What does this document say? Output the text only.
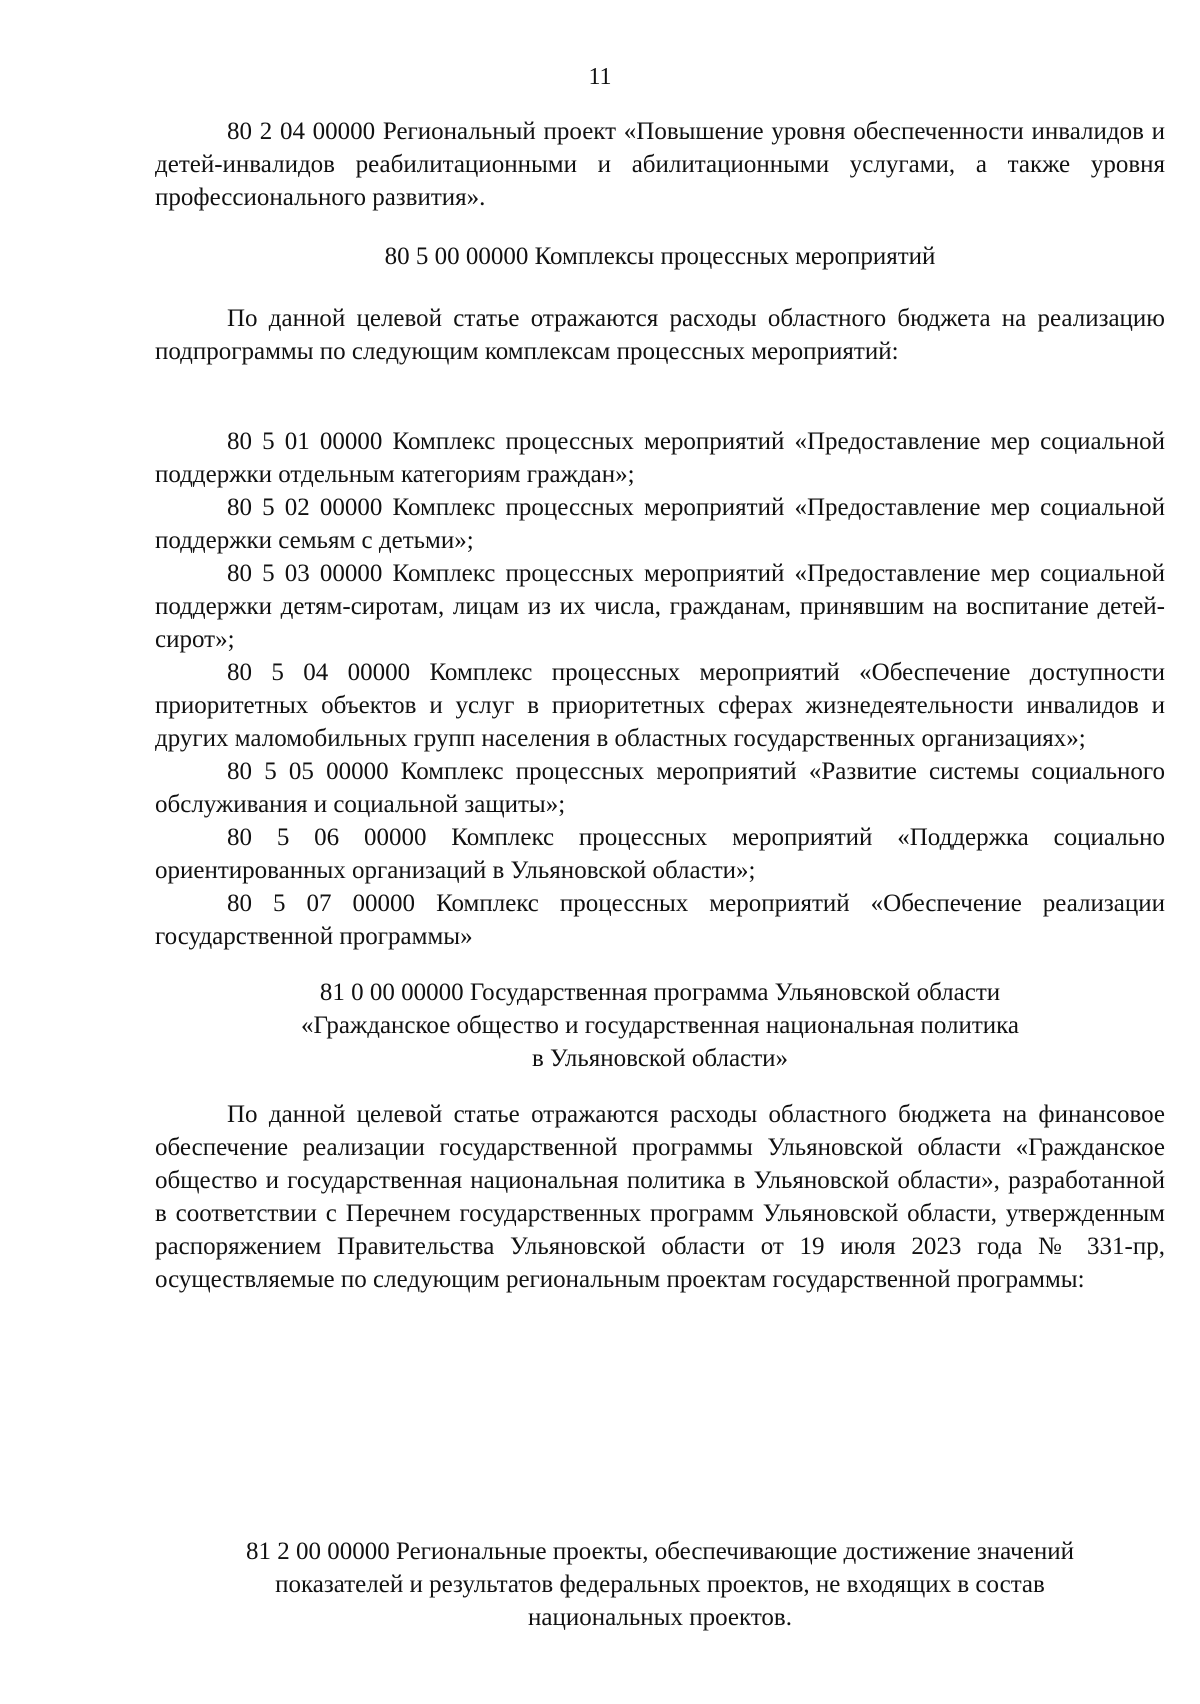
11

80 2 04 00000 Региональный проект «Повышение уровня обеспеченности инвалидов и детей-инвалидов реабилитационными и абилитационными услугами, а также уровня профессионального развития».

80 5 00 00000 Комплексы процессных мероприятий

По данной целевой статье отражаются расходы областного бюджета на реализацию подпрограммы по следующим комплексам процессных мероприятий:

80 5 01 00000 Комплекс процессных мероприятий «Предоставление мер социальной поддержки отдельным категориям граждан»;

80 5 02 00000 Комплекс процессных мероприятий «Предоставление мер социальной поддержки семьям с детьми»;

80 5 03 00000 Комплекс процессных мероприятий «Предоставление мер социальной поддержки детям-сиротам, лицам из их числа, гражданам, принявшим на воспитание детей-сирот»;

80 5 04 00000 Комплекс процессных мероприятий «Обеспечение доступности приоритетных объектов и услуг в приоритетных сферах жизнедеятельности инвалидов и других маломобильных групп населения в областных государственных организациях»;

80 5 05 00000 Комплекс процессных мероприятий «Развитие системы социального обслуживания и социальной защиты»;

80 5 06 00000 Комплекс процессных мероприятий «Поддержка социально ориентированных организаций в Ульяновской области»;

80 5 07 00000 Комплекс процессных мероприятий «Обеспечение реализации государственной программы»

81 0 00 00000 Государственная программа Ульяновской области
«Гражданское общество и государственная национальная политика
в Ульяновской области»

По данной целевой статье отражаются расходы областного бюджета на финансовое обеспечение реализации государственной программы Ульяновской области «Гражданское общество и государственная национальная политика в Ульяновской области», разработанной в соответствии с Перечнем государственных программ Ульяновской области, утвержденным распоряжением Правительства Ульяновской области от 19 июля 2023 года № 331-пр, осуществляемые по следующим региональным проектам государственной программы:

81 2 00 00000 Региональные проекты, обеспечивающие достижение значений
показателей и результатов федеральных проектов, не входящих в состав
национальных проектов.
